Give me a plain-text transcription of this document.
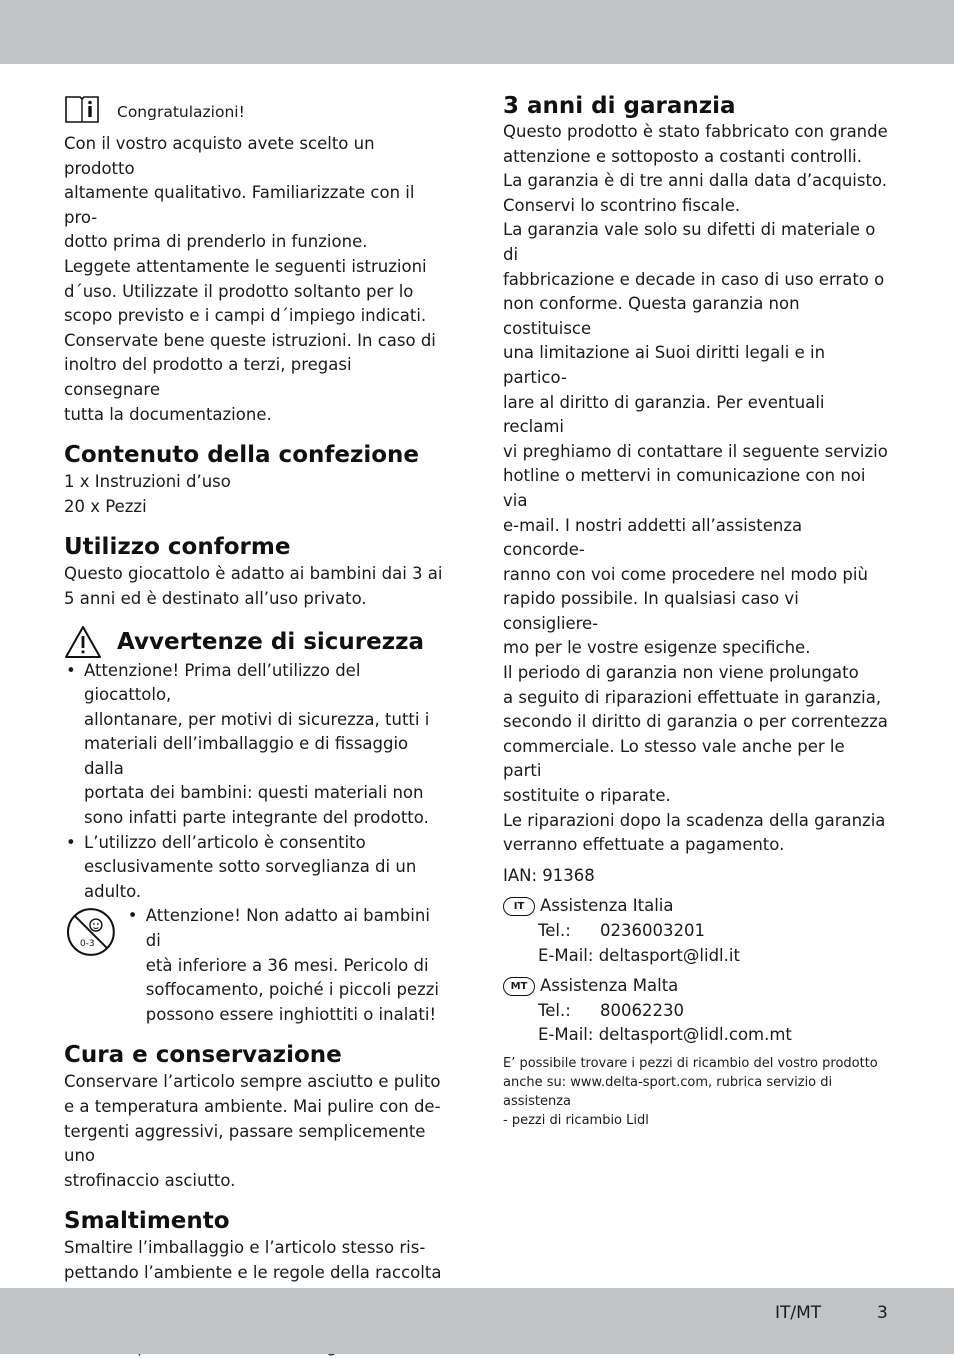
Congratulazioni!

Con il vostro acquisto avete scelto un prodotto

altamente qualitativo. Familiarizzate con il pro-

dotto prima di prenderlo in funzione.

Leggete attentamente le seguenti istruzioni

d´uso. Utilizzate il prodotto soltanto per lo

scopo previsto e i campi d´impiego indicati.

Conservate bene queste istruzioni. In caso di

inoltro del prodotto a terzi, pregasi consegnare

tutta la documentazione.

Contenuto della confezione

1 x Instruzioni d’uso

20 x Pezzi

Utilizzo conforme

Questo giocattolo è adatto ai bambini dai 3 ai

5 anni ed è destinato all’uso privato.

Avvertenze di sicurezza
• Attenzione! Prima dell’utilizzo del giocattolo,
allontanare, per motivi di sicurezza, tutti i
materiali dell’imballaggio e di fissaggio dalla
portata dei bambini: questi materiali non
sono infatti parte integrante del prodotto.
• L’utilizzo dell’articolo è consentito
esclusivamente sotto sorveglianza di un
adulto.
0-3
• Attenzione! Non adatto ai bambini di
età inferiore a 36 mesi. Pericolo di
soffocamento, poiché i piccoli pezzi
possono essere inghiottiti o inalati!
Cura e conservazione

Conservare l’articolo sempre asciutto e pulito

e a temperatura ambiente. Mai pulire con de-

tergenti aggressivi, passare semplicemente uno

strofinaccio asciutto.

Smaltimento

Smaltire l’imballaggio e l’articolo stesso ris-

pettando l’ambiente e le regole della raccolta

3 anni di garanzia

Questo prodotto è stato fabbricato con grande

attenzione e sottoposto a costanti controlli.

La garanzia è di tre anni dalla data d’acquisto.

Conservi lo scontrino fiscale.

La garanzia vale solo su difetti di materiale o di

fabbricazione e decade in caso di uso errato o

non conforme. Questa garanzia non costituisce

una limitazione ai Suoi diritti legali e in partico-

lare al diritto di garanzia. Per eventuali reclami

vi preghiamo di contattare il seguente servizio

hotline o mettervi in comunicazione con noi via

e-mail. I nostri addetti all’assistenza concorde-

ranno con voi come procedere nel modo più

rapido possibile. In qualsiasi caso vi consigliere-

mo per le vostre esigenze specifiche.

Il periodo di garanzia non viene prolungato

a seguito di riparazioni effettuate in garanzia,

secondo il diritto di garanzia o per correntezza

commerciale. Lo stesso vale anche per le parti

sostituite o riparate.

Le riparazioni dopo la scadenza della garanzia

verranno effettuate a pagamento.

IAN: 91368

IT Assistenza Italia

Tel.: 0236003201

E-Mail: deltasport@lidl.it

MT Assistenza Malta

Tel.: 80062230

E-Mail: deltasport@lidl.com.mt

E’ possibile trovare i pezzi di ricambio del vostro prodotto
anche su: www.delta-sport.com, rubrica servizio di assistenza
- pezzi di ricambio Lidl
IT/MT	3
